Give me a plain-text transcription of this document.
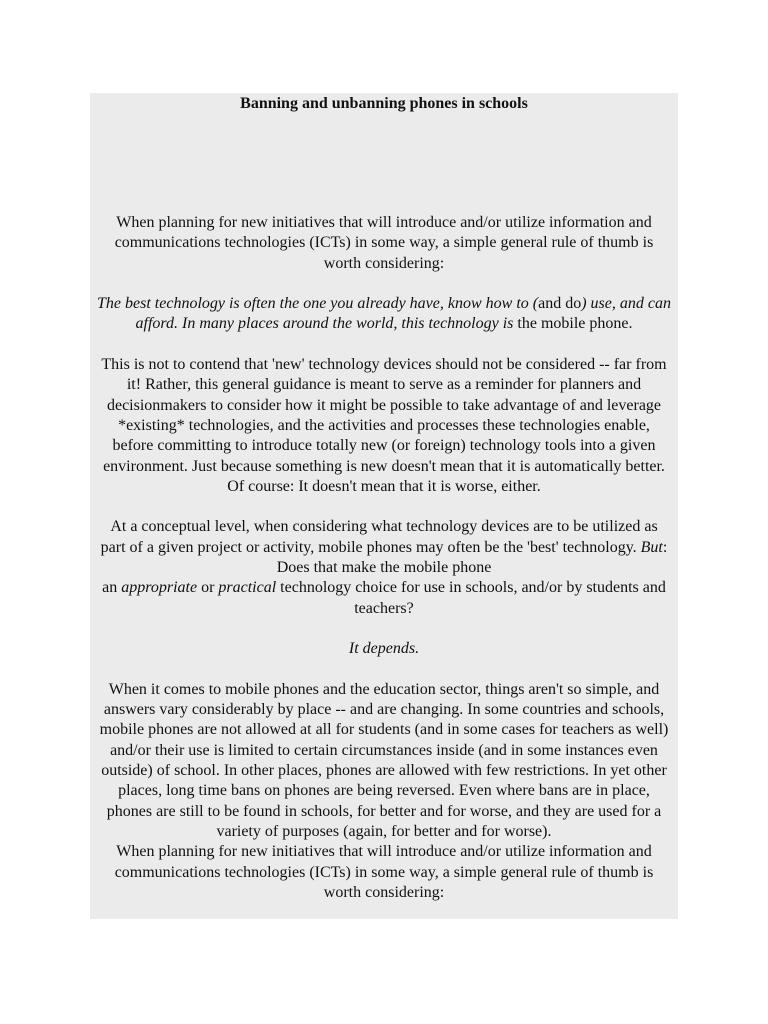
Banning and unbanning phones in schools

When planning for new initiatives that will introduce and/or utilize information and communications technologies (ICTs) in some way, a simple general rule of thumb is worth considering:

The best technology is often the one you already have, know how to (and do) use, and can afford. In many places around the world, this technology is the mobile phone.

This is not to contend that 'new' technology devices should not be considered -- far from it! Rather, this general guidance is meant to serve as a reminder for planners and decisionmakers to consider how it might be possible to take advantage of and leverage *existing* technologies, and the activities and processes these technologies enable, before committing to introduce totally new (or foreign) technology tools into a given environment. Just because something is new doesn't mean that it is automatically better. Of course: It doesn't mean that it is worse, either.

At a conceptual level, when considering what technology devices are to be utilized as part of a given project or activity, mobile phones may often be the 'best' technology. But: Does that make the mobile phone
an appropriate or practical technology choice for use in schools, and/or by students and teachers?

It depends.

When it comes to mobile phones and the education sector, things aren't so simple, and answers vary considerably by place -- and are changing. In some countries and schools, mobile phones are not allowed at all for students (and in some cases for teachers as well) and/or their use is limited to certain circumstances inside (and in some instances even outside) of school. In other places, phones are allowed with few restrictions. In yet other places, long time bans on phones are being reversed. Even where bans are in place, phones are still to be found in schools, for better and for worse, and they are used for a variety of purposes (again, for better and for worse).

When planning for new initiatives that will introduce and/or utilize information and communications technologies (ICTs) in some way, a simple general rule of thumb is worth considering:
